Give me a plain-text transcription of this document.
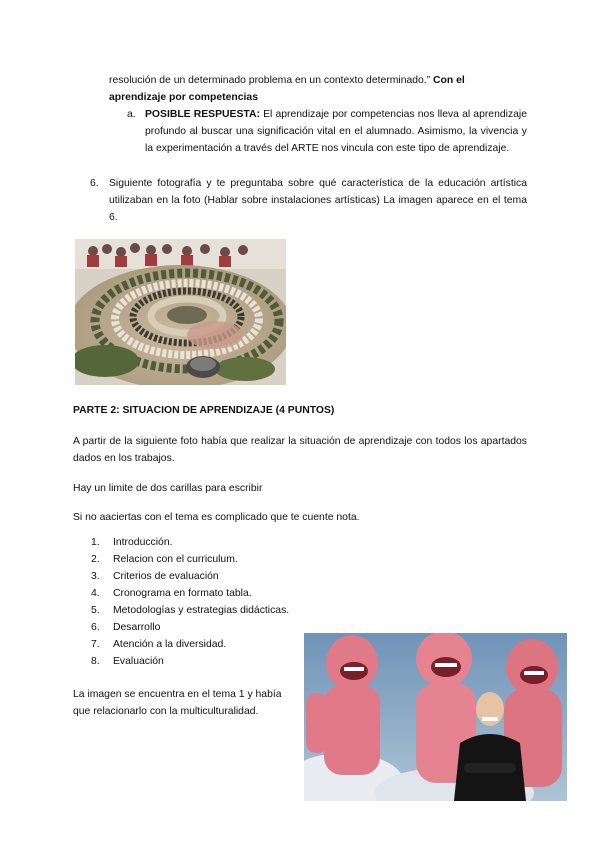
resolución de un determinado problema en un contexto determinado.” Con el
aprendizaje por competencias
a. POSIBLE RESPUESTA: El aprendizaje por competencias nos lleva al aprendizaje profundo al buscar una significación vital en el alumnado. Asimismo, la vivencia y la experimentación a través del ARTE nos vincula con este tipo de aprendizaje.
6. Siguiente fotografía y te preguntaba sobre qué característica de la educación artística utilizaban en la foto (Hablar sobre instalaciones artísticas) La imagen aparece en el tema 6.
PARTE 2: SITUACION DE APRENDIZAJE (4 PUNTOS)
A partir de la siguiente foto había que realizar la situación de aprendizaje con todos los apartados dados en los trabajos.
Hay un limite de dos carillas para escribir
Si no aaciertas con el tema es complicado que te cuente nota.
1. Introducción.
2. Relacion con el curriculum.
3. Criterios de evaluación
4. Cronograma en formato tabla.
5. Metodologías y estrategias didácticas.
6. Desarrollo
7. Atención a la diversidad.
8. Evaluación
La imagen se encuentra en el tema 1 y había que relacionarlo con la multiculturalidad.
